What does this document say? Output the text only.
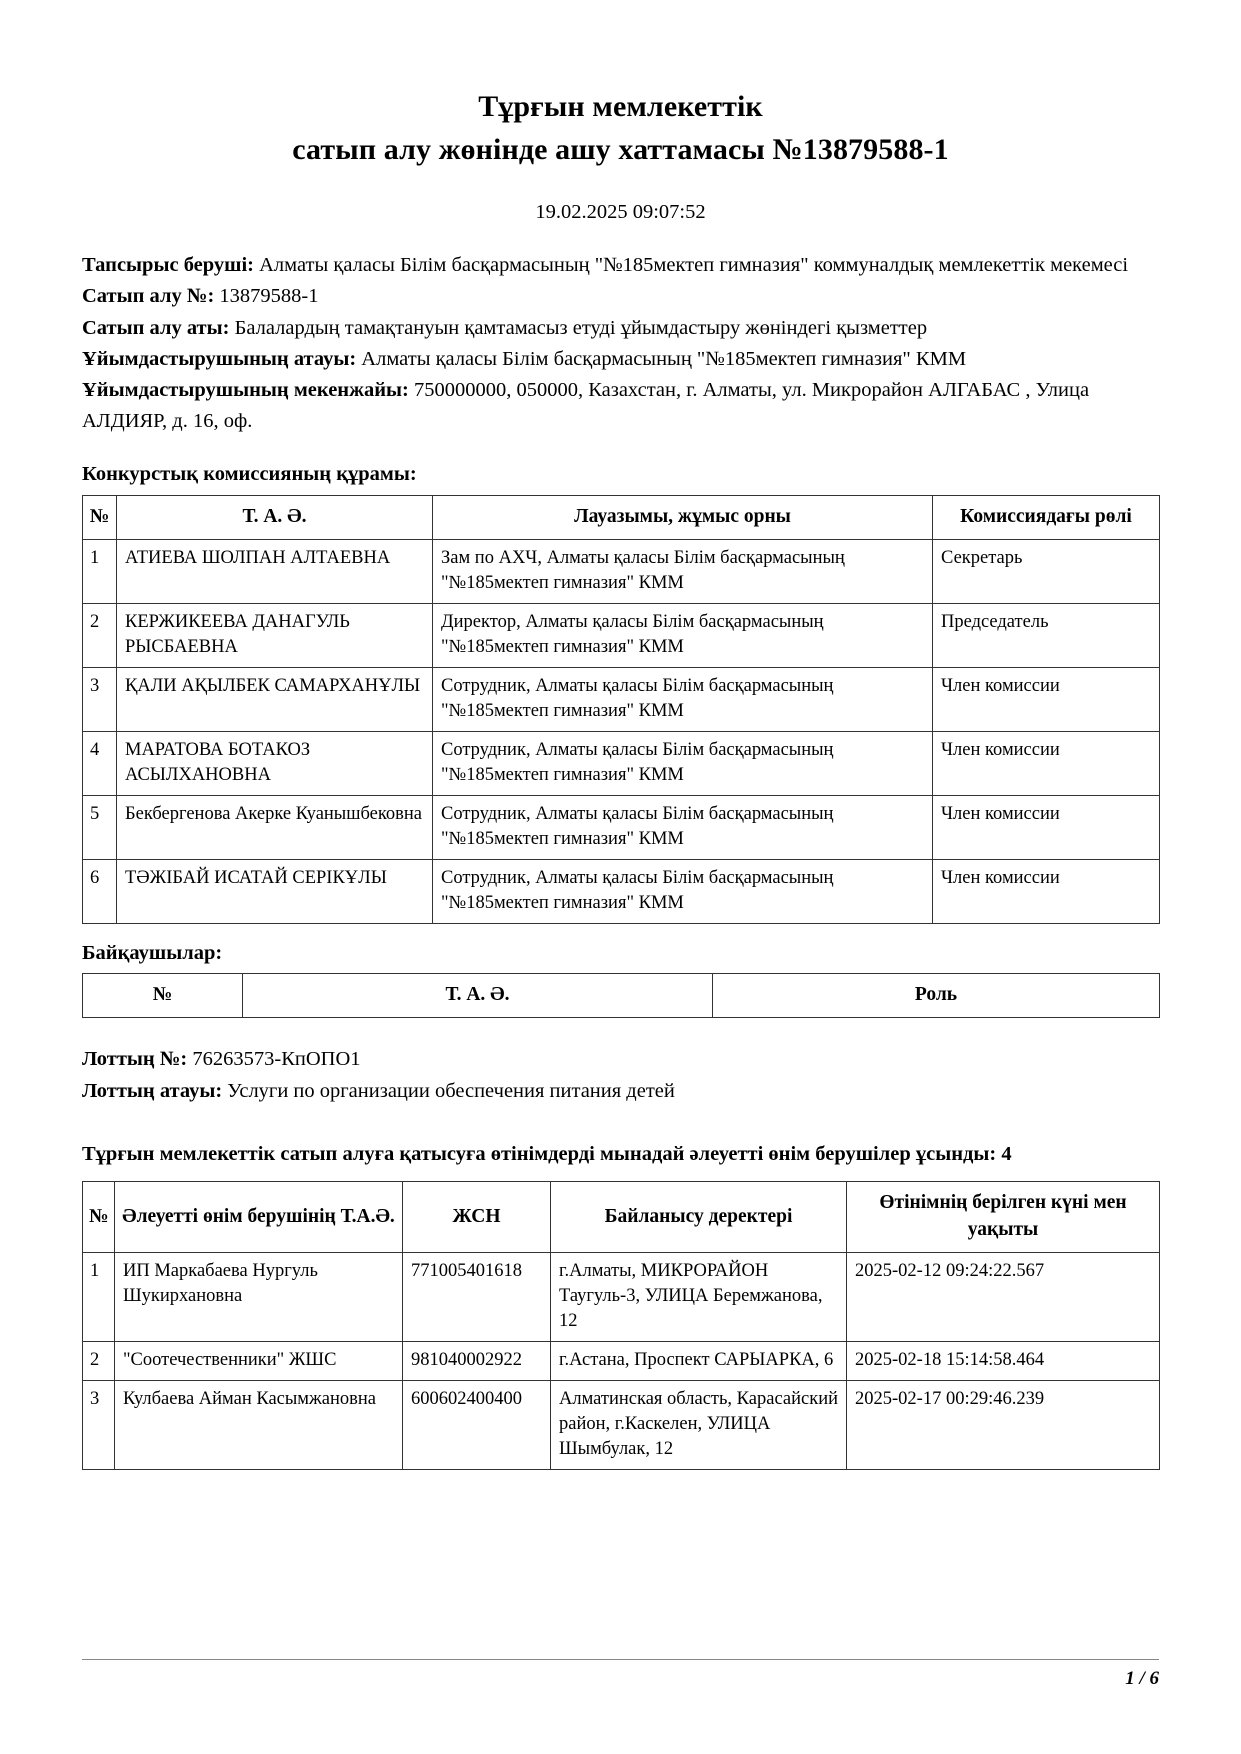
Тұрғын мемлекеттік
сатып алу жөнінде ашу хаттамасы №13879588-1
19.02.2025 09:07:52
Тапсырыс беруші: Алматы қаласы Білім басқармасының "№185мектеп гимназия" коммуналдық мемлекеттік мекемесі
Сатып алу №: 13879588-1
Сатып алу аты: Балалардың тамақтануын қамтамасыз етуді ұйымдастыру жөніндегі қызметтер
Ұйымдастырушының атауы: Алматы қаласы Білім басқармасының "№185мектеп гимназия" КММ
Ұйымдастырушының мекенжайы: 750000000, 050000, Казахстан, г. Алматы, ул. Микрорайон АЛГАБАС , Улица АЛДИЯР, д. 16, оф.
Конкурстық комиссияның құрамы:
№	Т. А. Ә.	Лауазымы, жұмыс орны	Комиссиядағы рөлі
1	АТИЕВА ШОЛПАН АЛТАЕВНА	Зам по АХЧ, Алматы қаласы Білім басқармасының "№185мектеп гимназия" КММ	Секретарь
2	КЕРЖИКЕЕВА ДАНАГУЛЬ РЫСБАЕВНА	Директор, Алматы қаласы Білім басқармасының "№185мектеп гимназия" КММ	Председатель
3	ҚАЛИ АҚЫЛБЕК САМАРХАНҰЛЫ	Сотрудник, Алматы қаласы Білім басқармасының "№185мектеп гимназия" КММ	Член комиссии
4	МАРАТОВА БОТАКОЗ АСЫЛХАНОВНА	Сотрудник, Алматы қаласы Білім басқармасының "№185мектеп гимназия" КММ	Член комиссии
5	Бекбергенова Акерке Куанышбековна	Сотрудник, Алматы қаласы Білім басқармасының "№185мектеп гимназия" КММ	Член комиссии
6	ТӘЖІБАЙ ИСАТАЙ СЕРІКҰЛЫ	Сотрудник, Алматы қаласы Білім басқармасының "№185мектеп гимназия" КММ	Член комиссии
Байқаушылар:
№	Т. А. Ә.	Роль
Лоттың №: 76263573-КпОПО1
Лоттың атауы: Услуги по организации обеспечения питания детей
Тұрғын мемлекеттік сатып алуға қатысуға өтінімдерді мынадай әлеуетті өнім берушілер ұсынды: 4
№	Әлеуетті өнім берушінің Т.А.Ә.	ЖСН	Байланысу деректері	Өтінімнің берілген күні мен уақыты
1	ИП Маркабаева Нургуль Шукирхановна	771005401618	г.Алматы, МИКРОРАЙОН Таугуль-3, УЛИЦА Беремжанова, 12	2025-02-12 09:24:22.567
2	"Соотечественники" ЖШС	981040002922	г.Астана, Проспект САРЫАРКА, 6	2025-02-18 15:14:58.464
3	Кулбаева Айман Касымжановна	600602400400	Алматинская область, Карасайский район, г.Каскелен, УЛИЦА Шымбулак, 12	2025-02-17 00:29:46.239
1 / 6
